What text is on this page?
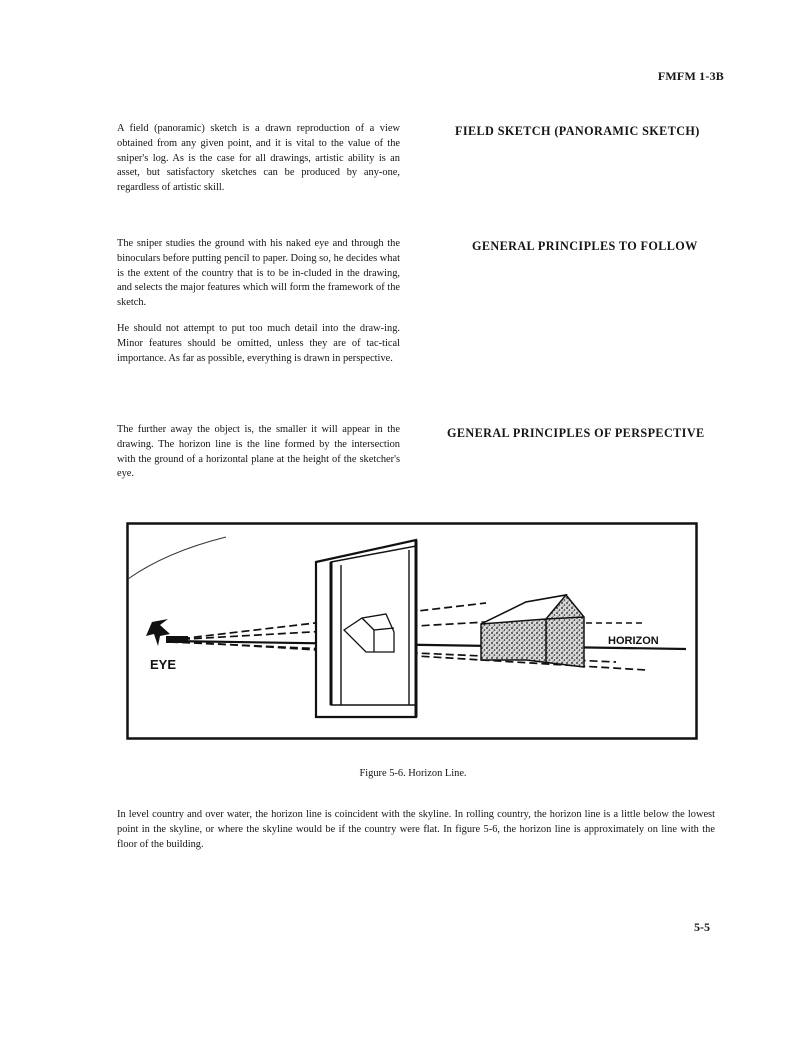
FMFM 1-3B

A field (panoramic) sketch is a drawn reproduction of a view obtained from any given point, and it is vital to the value of the sniper's log. As is the case for all drawings, artistic ability is an asset, but satisfactory sketches can be produced by any-one, regardless of artistic skill.

FIELD SKETCH (PANORAMIC SKETCH)

The sniper studies the ground with his naked eye and through the binoculars before putting pencil to paper. Doing so, he decides what is the extent of the country that is to be in-cluded in the drawing, and selects the major features which will form the framework of the sketch.

He should not attempt to put too much detail into the draw-ing. Minor features should be omitted, unless they are of tac-tical importance. As far as possible, everything is drawn in perspective.

GENERAL PRINCIPLES TO FOLLOW

The further away the object is, the smaller it will appear in the drawing. The horizon line is the line formed by the intersection with the ground of a horizontal plane at the height of the sketcher's eye.

GENERAL PRINCIPLES OF PERSPECTIVE
EYE
HORIZON
Figure 5-6. Horizon Line.

In level country and over water, the horizon line is coincident with the skyline. In rolling country, the horizon line is a little below the lowest point in the skyline, or where the skyline would be if the country were flat. In figure 5-6, the horizon line is approximately on line with the floor of the building.

5-5
